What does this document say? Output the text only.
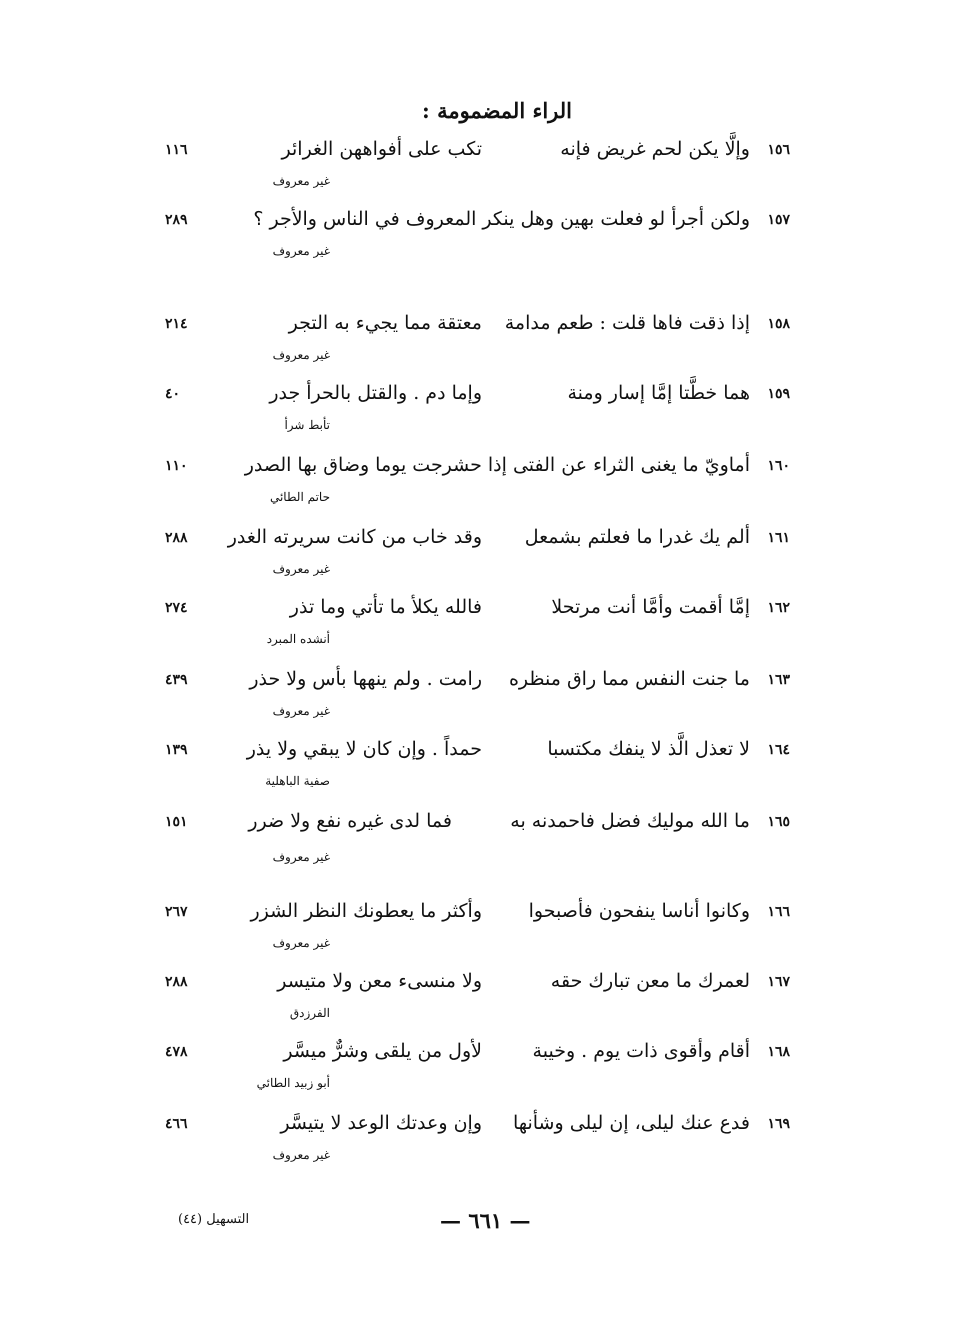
الراء المضمومة :
١٥٦
وإلَّا يكن لحم غريض فإنه
تكب على أفواههن الغرائر
١١٦
غير معروف
١٥٧
ولكن أجرأ لو فعلت بهين وهل ينكر المعروف في الناس والأجر ؟
٢٨٩
غير معروف
١٥٨
إذا ذقت فاها قلت : طعم مدامة
معتقة مما يجيء به التجر
٢١٤
غير معروف
١٥٩
هما خطَّتا إمَّا إسار ومنة
وإما دم . والقتل بالحرأ جدر
٤٠
تأبط شرأ
١٦٠
أماويّ ما يغنى الثراء عن الفتى إذا حشرجت يوما وضاق بها الصدر
١١٠
حاتم الطائي
١٦١
ألم يك غدرا ما فعلتم بشمعل
وقد خاب من كانت سريرته الغدر
٢٨٨
غير معروف
١٦٢
إمَّا أقمت وأمَّا أنت مرتحلا
فالله يكلأ ما تأتي وما تذر
٢٧٤
أنشده المبرد
١٦٣
ما جنت النفس مما راق منظره
رامت . ولم ينهها بأس ولا حذر
٤٣٩
غير معروف
١٦٤
لا تعذل الَّذ لا ينفك مكتسبا
حمداً . وإن كان لا يبقي ولا يذر
١٣٩
صفية الباهلية
١٦٥
ما الله موليك فضل فاحمدنه به
فما لدى غيره نفع ولا ضرر
١٥١
غير معروف
١٦٦
وكانوا أناسا ينفحون فأصبحوا
وأكثر ما يعطونك النظر الشزر
٢٦٧
غير معروف
١٦٧
لعمرك ما معن تبارك حقه
ولا منسىء معن ولا متيسر
٢٨٨
الفرزدق
١٦٨
أقام وأقوى ذات يوم . وخيبة
لأول من يلقى وشرٌّ ميسَّر
٤٧٨
أبو زبيد الطائي
١٦٩
فدع عنك ليلى، إن ليلى وشأنها
وإن وعدتك الوعد لا يتيسَّر
٤٦٦
غير معروف
التسهيل (٤٤)	— ٦٦١ —
